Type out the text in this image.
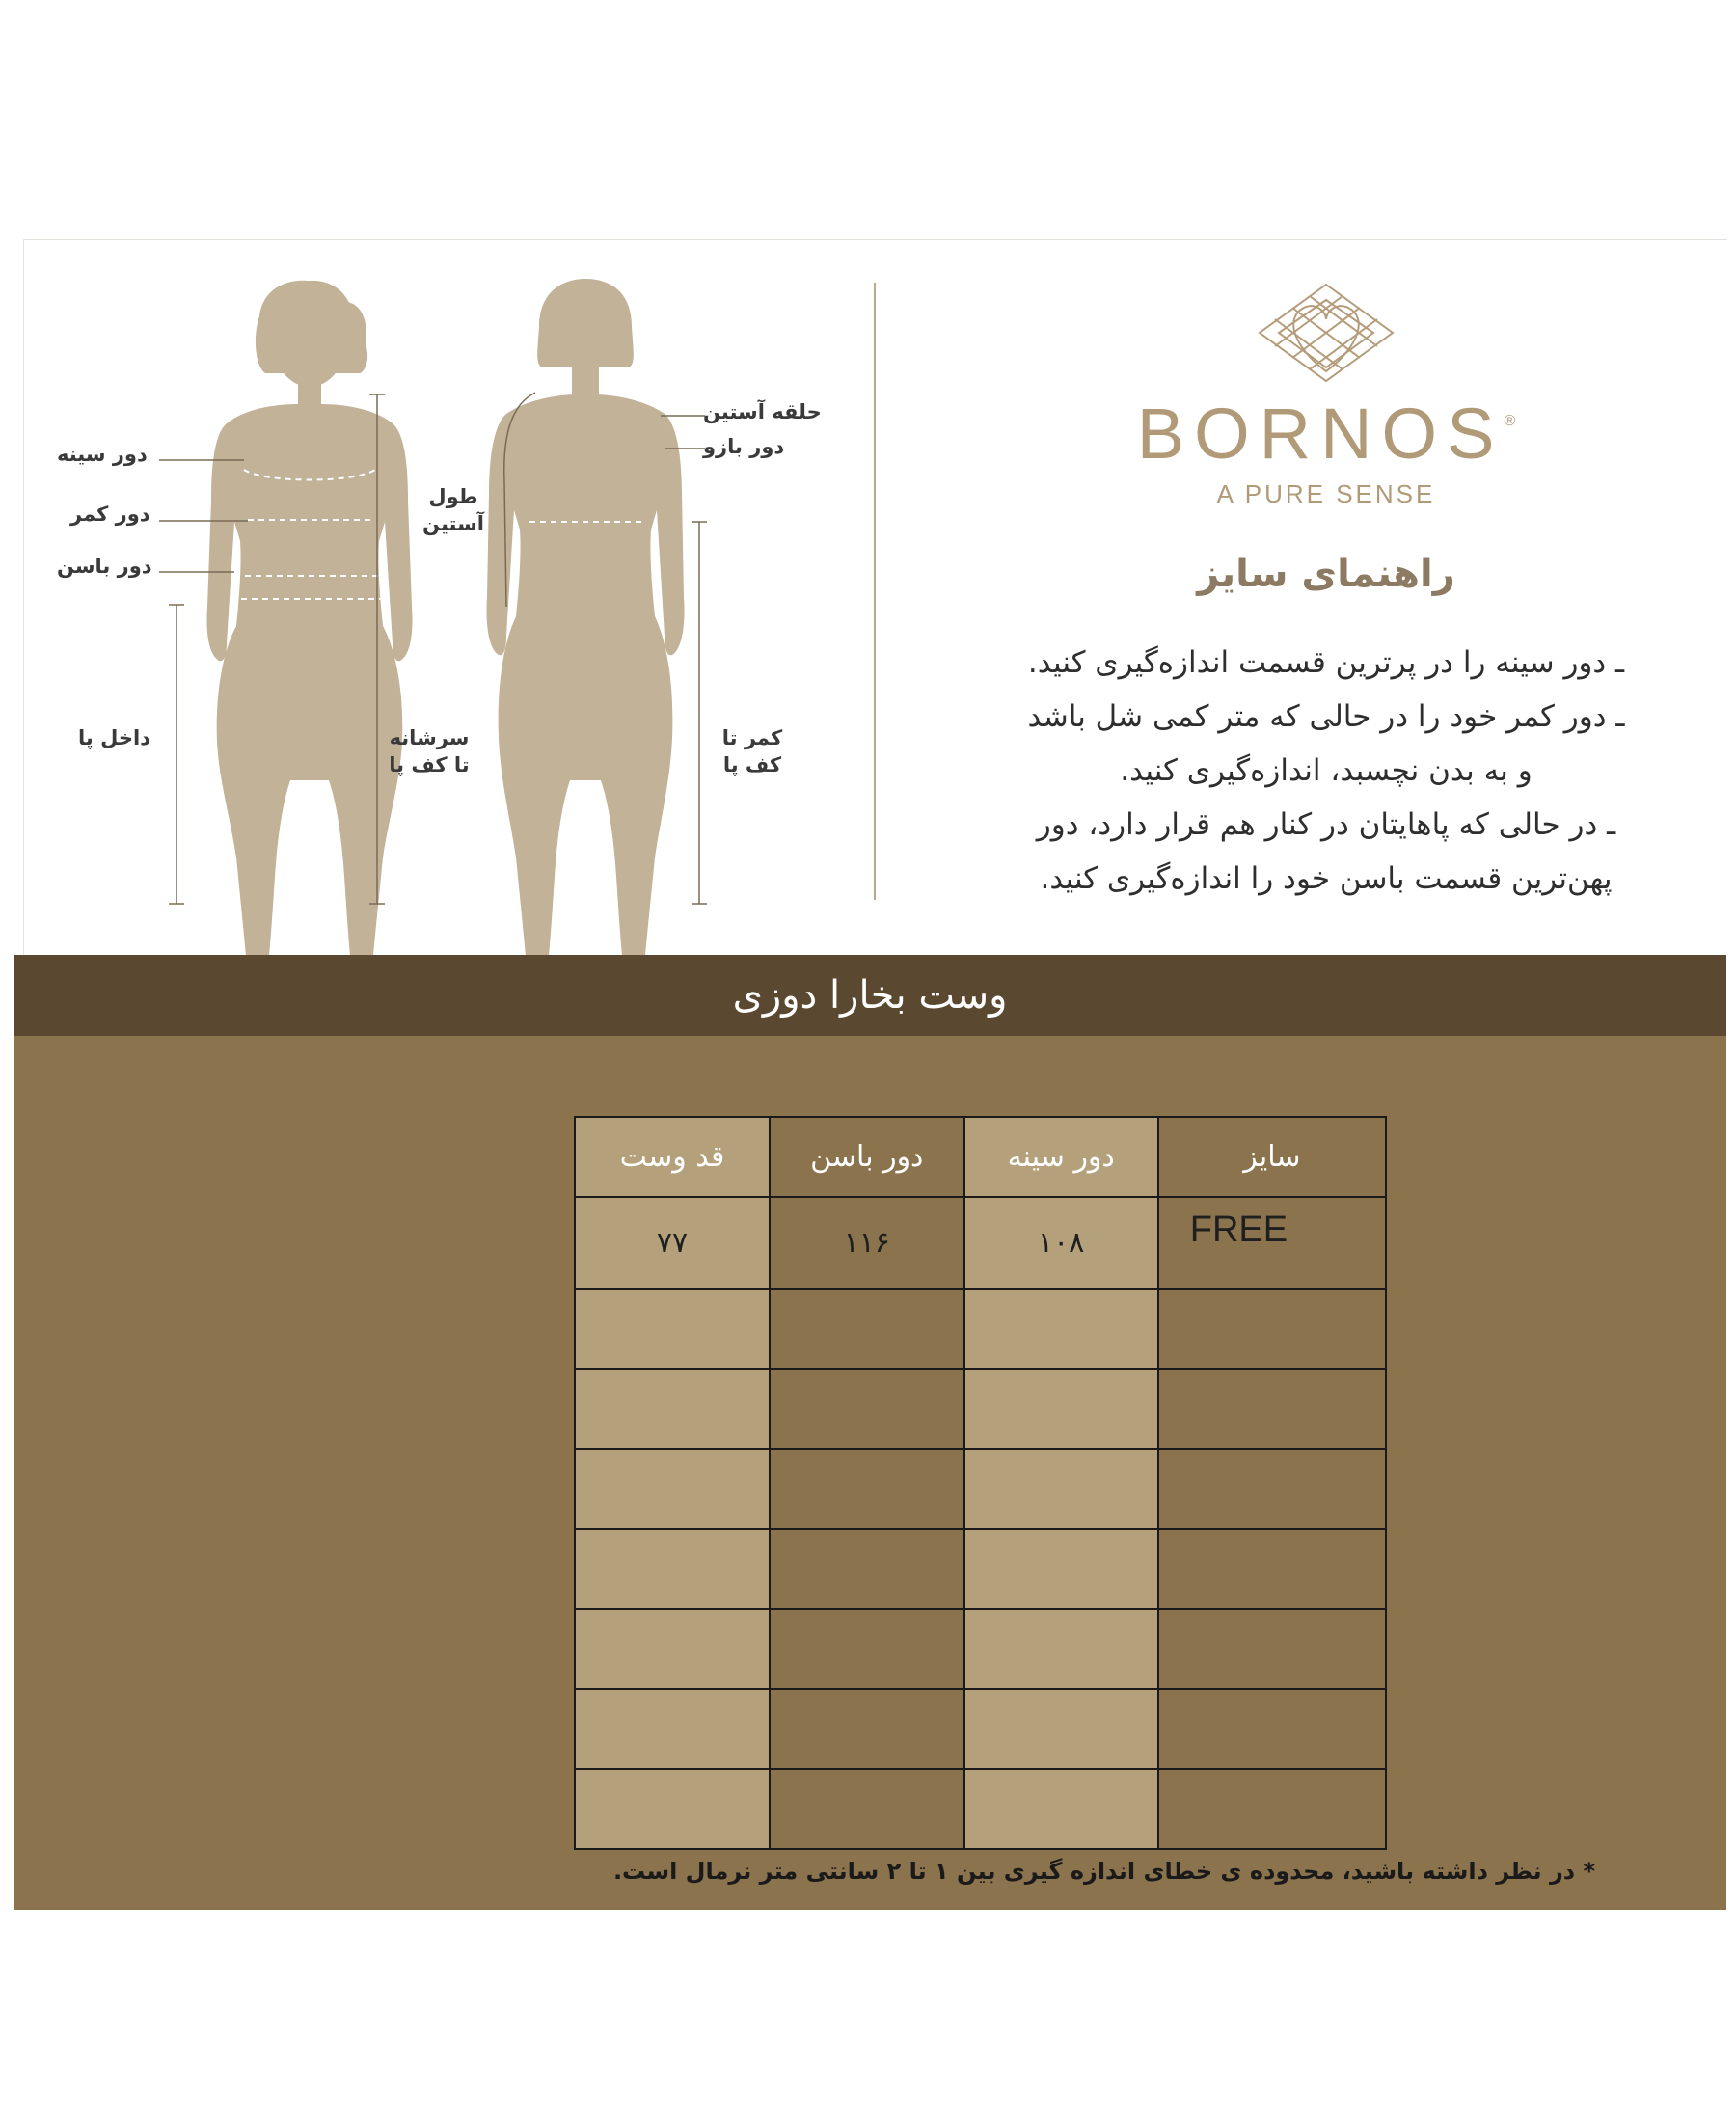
دور سینه
دور کمر
دور باسن
داخل پا	سرشانه تا کف پا
طول آستین
حلقه آستین
دور بازو
کمر تا کف پا
BORNOS®
A PURE SENSE
راهنمای سایز

ـ دور سینه را در پرترین قسمت اندازه‌گیری کنید.

ـ دور کمر خود را در حالی که متر کمی شل باشد

و به بدن نچسبد، اندازه‌گیری کنید.

ـ در حالی که پاهایتان در کنار هم قرار دارد، دور

پهن‌ترین قسمت باسن خود را اندازه‌گیری کنید.

وست بخارا دوزی
سایز	دور سینه	دور باسن	قد وست
FREE	۱۰۸	۱۱۶	۷۷

* در نظر داشته باشید، محدوده ی خطای اندازه گیری بین ۱ تا ۲ سانتی متر نرمال است.
